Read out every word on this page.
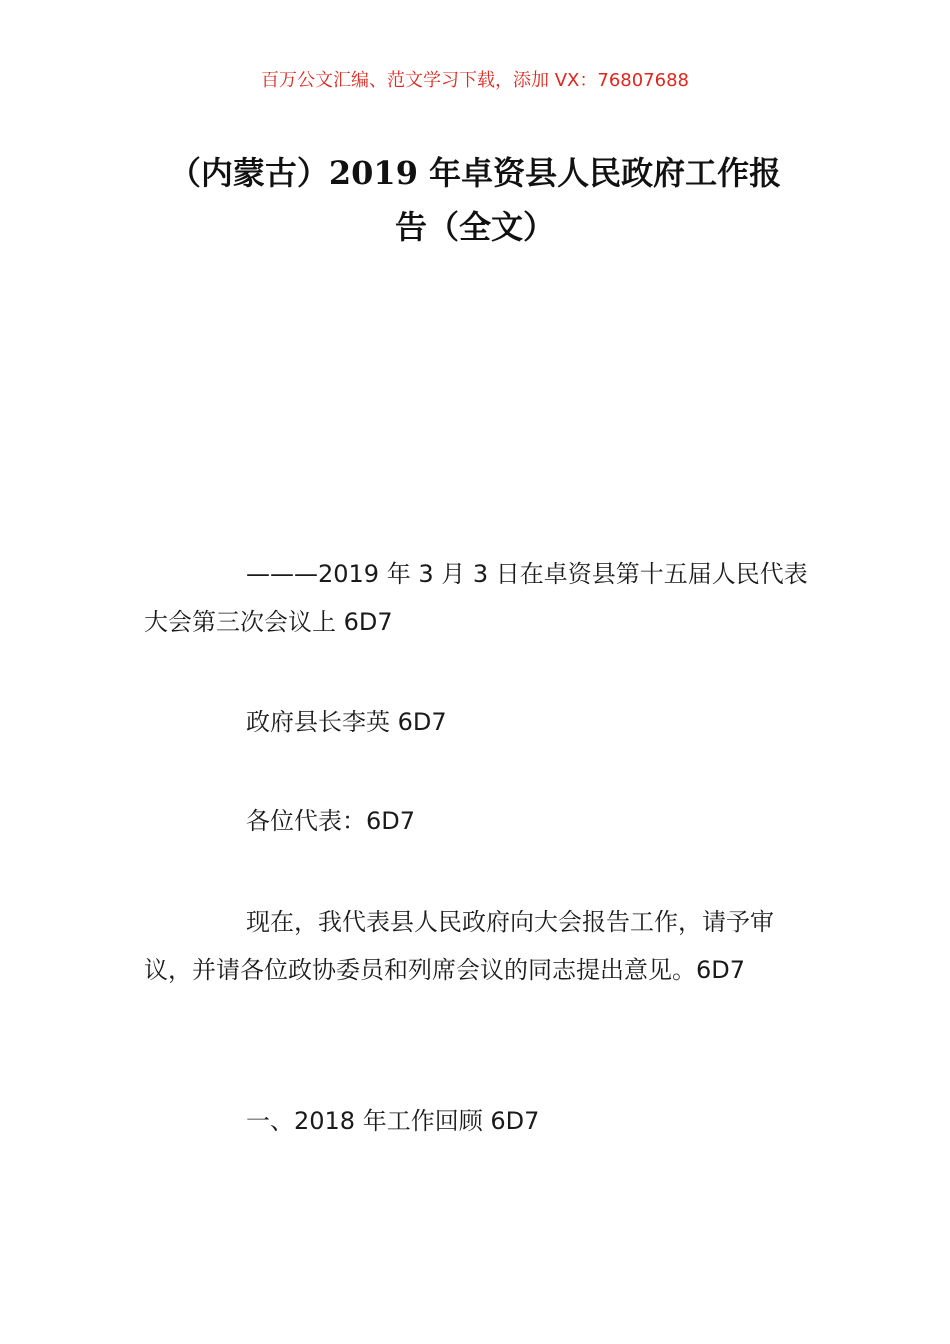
百万公文汇编、范文学习下载，添加 VX：76807688
（内蒙古）2019 年卓资县人民政府工作报
告（全文）
———2019 年 3 月 3 日在卓资县第十五届人民代表大会第三次会议上 6D7
政府县长李英 6D7
各位代表：6D7
现在，我代表县人民政府向大会报告工作，请予审议，并请各位政协委员和列席会议的同志提出意见。6D7
一、2018 年工作回顾 6D7
